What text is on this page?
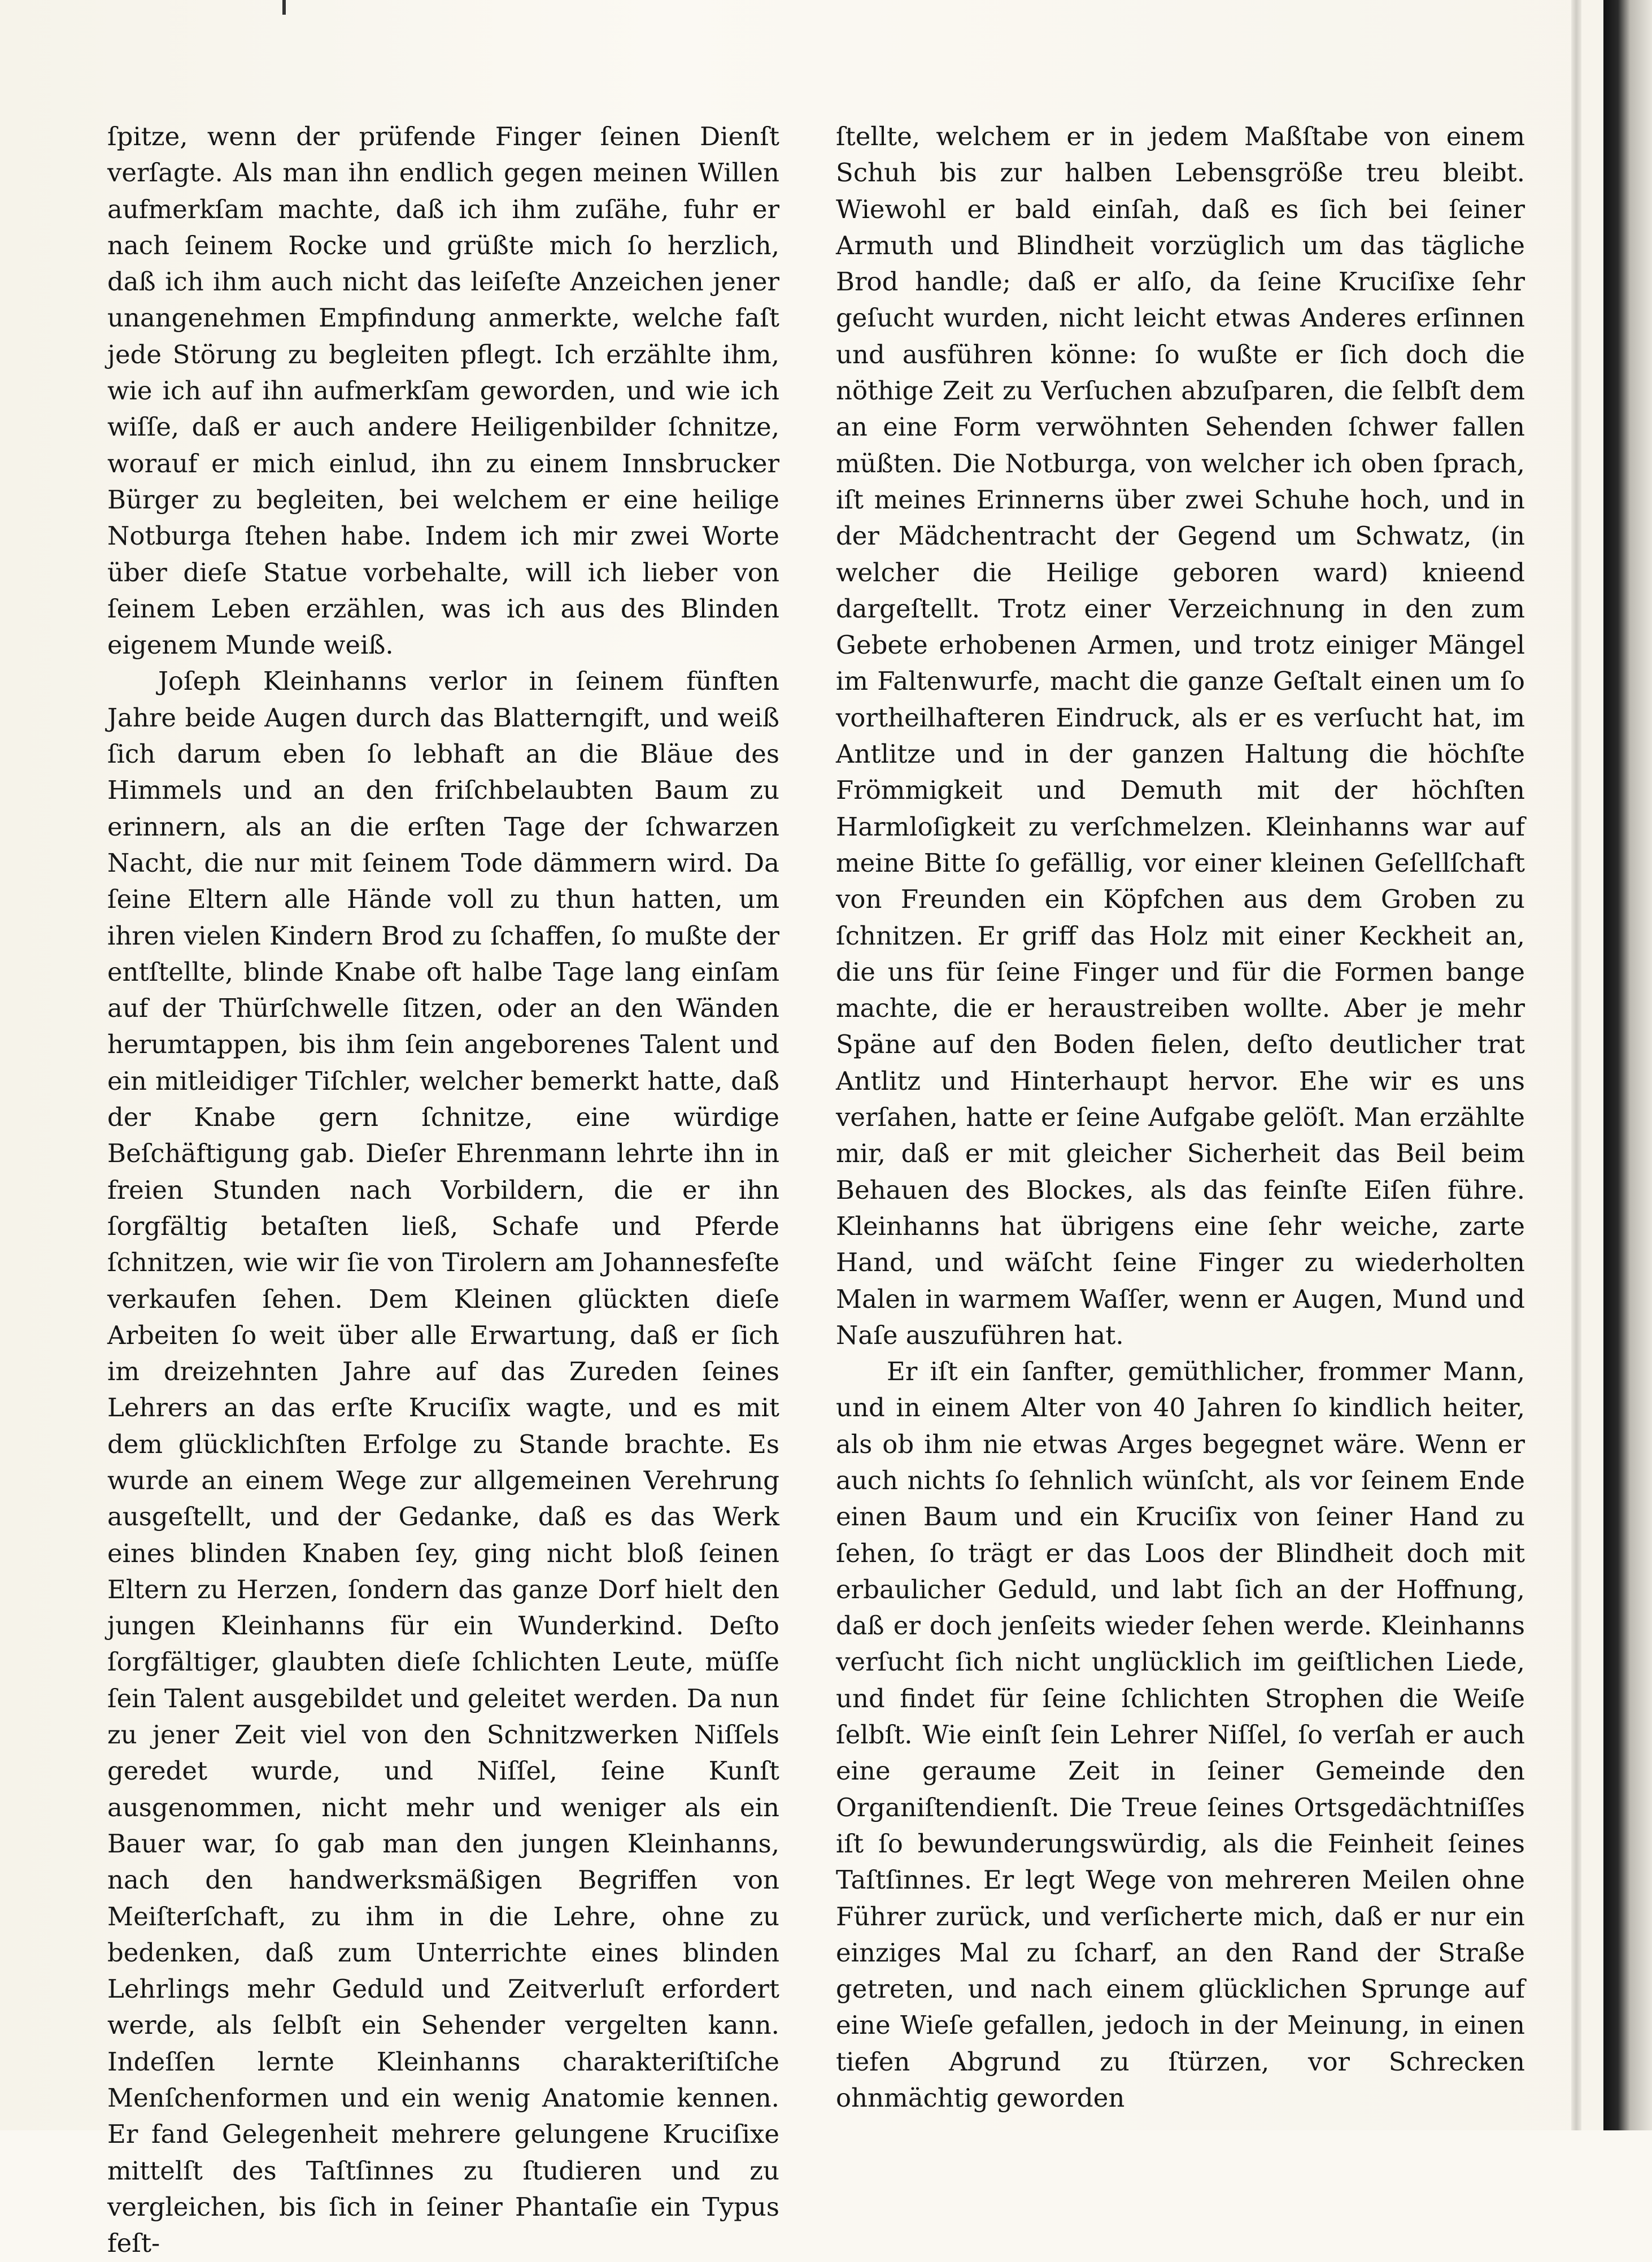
ſpitze, wenn der prüfende Finger ſeinen Dienſt verſagte. Als man ihn endlich gegen meinen Willen aufmerkſam machte, daß ich ihm zuſähe, fuhr er nach ſeinem Rocke und grüßte mich ſo herzlich, daß ich ihm auch nicht das leiſeſte Anzeichen jener unangenehmen Empfindung anmerkte, welche faſt jede Störung zu begleiten pflegt. Ich erzählte ihm, wie ich auf ihn aufmerkſam geworden, und wie ich wiſſe, daß er auch andere Heiligenbilder ſchnitze, worauf er mich einlud, ihn zu einem Innsbrucker Bürger zu begleiten, bei welchem er eine heilige Notburga ſtehen habe. Indem ich mir zwei Worte über dieſe Statue vorbehalte, will ich lieber von ſeinem Leben erzählen, was ich aus des Blinden eigenem Munde weiß.

Joſeph Kleinhanns verlor in ſeinem fünften Jahre beide Augen durch das Blatterngift, und weiß ſich darum eben ſo lebhaft an die Bläue des Himmels und an den friſchbelaubten Baum zu erinnern, als an die erſten Tage der ſchwarzen Nacht, die nur mit ſeinem Tode dämmern wird. Da ſeine Eltern alle Hände voll zu thun hatten, um ihren vielen Kindern Brod zu ſchaffen, ſo mußte der entſtellte, blinde Knabe oft halbe Tage lang einſam auf der Thürſchwelle ſitzen, oder an den Wänden herumtappen, bis ihm ſein angeborenes Talent und ein mitleidiger Tiſchler, welcher bemerkt hatte, daß der Knabe gern ſchnitze, eine würdige Beſchäftigung gab. Dieſer Ehrenmann lehrte ihn in freien Stunden nach Vorbildern, die er ihn ſorgfältig betaſten ließ, Schafe und Pferde ſchnitzen, wie wir ſie von Tirolern am Johannesfeſte verkaufen ſehen. Dem Kleinen glückten dieſe Arbeiten ſo weit über alle Erwartung, daß er ſich im dreizehnten Jahre auf das Zureden ſeines Lehrers an das erſte Kruciſix wagte, und es mit dem glücklichſten Erfolge zu Stande brachte. Es wurde an einem Wege zur allgemeinen Verehrung ausgeſtellt, und der Gedanke, daß es das Werk eines blinden Knaben ſey, ging nicht bloß ſeinen Eltern zu Herzen, ſondern das ganze Dorf hielt den jungen Kleinhanns für ein Wunderkind. Deſto ſorgfältiger, glaubten dieſe ſchlichten Leute, müſſe ſein Talent ausgebildet und geleitet werden. Da nun zu jener Zeit viel von den Schnitzwerken Niſſels geredet wurde, und Niſſel, ſeine Kunſt ausgenommen, nicht mehr und weniger als ein Bauer war, ſo gab man den jungen Kleinhanns, nach den handwerksmäßigen Begriffen von Meiſterſchaft, zu ihm in die Lehre, ohne zu bedenken, daß zum Unterrichte eines blinden Lehrlings mehr Geduld und Zeitverluſt erfordert werde, als ſelbſt ein Sehender vergelten kann. Indeſſen lernte Kleinhanns charakteriſtiſche Menſchenformen und ein wenig Anatomie kennen. Er fand Gelegenheit mehrere gelungene Kruciſixe mittelſt des Taſtſinnes zu ſtudieren und zu vergleichen, bis ſich in ſeiner Phantaſie ein Typus feſt-

ſtellte, welchem er in jedem Maßſtabe von einem Schuh bis zur halben Lebensgröße treu bleibt. Wiewohl er bald einſah, daß es ſich bei ſeiner Armuth und Blindheit vorzüglich um das tägliche Brod handle; daß er alſo, da ſeine Kruciſixe ſehr geſucht wurden, nicht leicht etwas Anderes erſinnen und ausführen könne: ſo wußte er ſich doch die nöthige Zeit zu Verſuchen abzuſparen, die ſelbſt dem an eine Form verwöhnten Sehenden ſchwer fallen müßten. Die Notburga, von welcher ich oben ſprach, iſt meines Erinnerns über zwei Schuhe hoch, und in der Mädchentracht der Gegend um Schwatz, (in welcher die Heilige geboren ward) knieend dargeſtellt. Trotz einer Verzeichnung in den zum Gebete erhobenen Armen, und trotz einiger Mängel im Faltenwurfe, macht die ganze Geſtalt einen um ſo vortheilhafteren Eindruck, als er es verſucht hat, im Antlitze und in der ganzen Haltung die höchſte Frömmigkeit und Demuth mit der höchſten Harmloſigkeit zu verſchmelzen. Kleinhanns war auf meine Bitte ſo gefällig, vor einer kleinen Geſellſchaft von Freunden ein Köpfchen aus dem Groben zu ſchnitzen. Er griff das Holz mit einer Keckheit an, die uns für ſeine Finger und für die Formen bange machte, die er heraustreiben wollte. Aber je mehr Späne auf den Boden fielen, deſto deutlicher trat Antlitz und Hinterhaupt hervor. Ehe wir es uns verſahen, hatte er ſeine Aufgabe gelöſt. Man erzählte mir, daß er mit gleicher Sicherheit das Beil beim Behauen des Blockes, als das feinſte Eiſen führe. Kleinhanns hat übrigens eine ſehr weiche, zarte Hand, und wäſcht ſeine Finger zu wiederholten Malen in warmem Waſſer, wenn er Augen, Mund und Naſe auszuführen hat.

Er iſt ein ſanfter, gemüthlicher, frommer Mann, und in einem Alter von 40 Jahren ſo kindlich heiter, als ob ihm nie etwas Arges begegnet wäre. Wenn er auch nichts ſo ſehnlich wünſcht, als vor ſeinem Ende einen Baum und ein Kruciſix von ſeiner Hand zu ſehen, ſo trägt er das Loos der Blindheit doch mit erbaulicher Geduld, und labt ſich an der Hoffnung, daß er doch jenſeits wieder ſehen werde. Kleinhanns verſucht ſich nicht unglücklich im geiſtlichen Liede, und findet für ſeine ſchlichten Strophen die Weiſe ſelbſt. Wie einſt ſein Lehrer Niſſel, ſo verſah er auch eine geraume Zeit in ſeiner Gemeinde den Organiſtendienſt. Die Treue ſeines Ortsgedächtniſſes iſt ſo bewunderungswürdig, als die Feinheit ſeines Taſtſinnes. Er legt Wege von mehreren Meilen ohne Führer zurück, und verſicherte mich, daß er nur ein einziges Mal zu ſcharf, an den Rand der Straße getreten, und nach einem glücklichen Sprunge auf eine Wieſe gefallen, jedoch in der Meinung, in einen tiefen Abgrund zu ſtürzen, vor Schrecken ohnmächtig geworden
